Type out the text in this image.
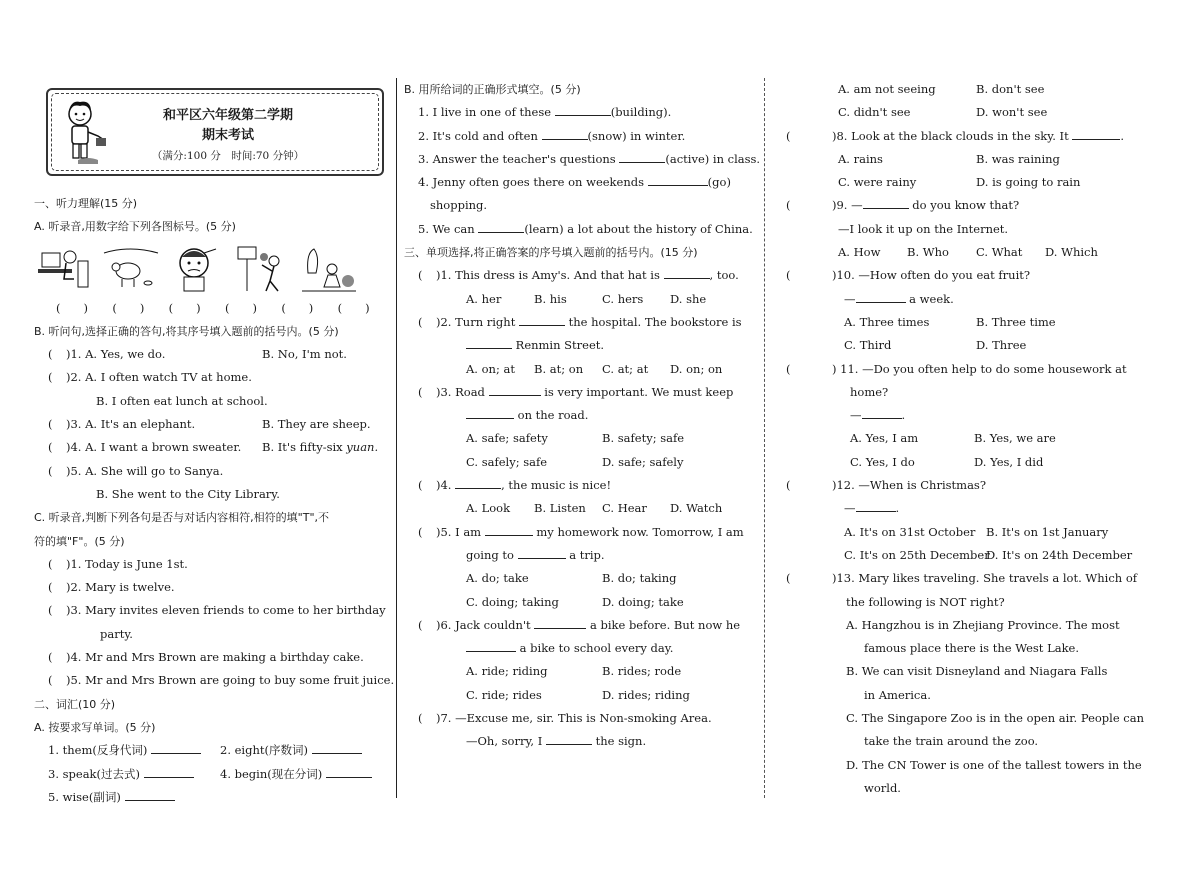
和平区六年级第二学期
期末考试
（满分:100 分　时间:70 分钟）
一、听力理解(15 分)
A. 听录音,用数字给下列各图标号。(5 分)
(　　)	(　　)	(　　)	(　　)	(　　)	(　　)
B. 听问句,选择正确的答句,将其序号填入题前的括号内。(5 分)
(	)1. A. Yes, we do.	B. No, I'm not.
( )2. A. I often watch TV at home.
B. I often eat lunch at school.
(	)3. A. It's an elephant.	B. They are sheep.
(	)4. A. I want a brown sweater.	B. It's fifty-six yuan.
( )5. A. She will go to Sanya.
B. She went to the City Library.
C. 听录音,判断下列各句是否与对话内容相符,相符的填"T",不
符的填"F"。(5 分)
( )1. Today is June 1st.
( )2. Mary is twelve.
( )3. Mary invites eleven friends to come to her birthday
party.
( )4. Mr and Mrs Brown are making a birthday cake.
( )5. Mr and Mrs Brown are going to buy some fruit juice.
二、词汇(10 分)
A. 按要求写单词。(5 分)
1. them(反身代词)	2. eight(序数词)
3. speak(过去式)	4. begin(现在分词)
5. wise(副词)
B. 用所给词的正确形式填空。(5 分)
1. I live in one of these	(building).
2. It's cold and often	(snow) in winter.
3. Answer the teacher's questions	(active) in class.
4. Jenny often goes there on weekends	(go)
shopping.
5. We can	(learn) a lot about the history of China.
三、单项选择,将正确答案的序号填入题前的括号内。(15 分)
( )1. This dress is Amy's. And that hat is	, too.
A. her	B. his	C. hers	D. she
( )2. Turn right	the hospital. The bookstore is
Renmin Street.
A. on; at	B. at; on	C. at; at	D. on; on
( )3. Road	is very important. We must keep
on the road.
A. safe; safety	B. safety; safe
C. safely; safe	D. safe; safely
( )4.	, the music is nice!
A. Look	B. Listen	C. Hear	D. Watch
( )5. I am	my homework now. Tomorrow, I am
going to	a trip.
A. do; take	B. do; taking
C. doing; taking	D. doing; take
( )6. Jack couldn't	a bike before. But now he
a bike to school every day.
A. ride; riding	B. rides; rode
C. ride; rides	D. rides; riding
( )7. —Excuse me, sir. This is Non-smoking Area.
—Oh, sorry, I	the sign.
A. am not seeing	B. don't see
C. didn't see	D. won't see
(	)8. Look at the black clouds in the sky. It	.
A. rains	B. was raining
C. were rainy	D. is going to rain
(	)9. —	do you know that?
—I look it up on the Internet.
A. How	B. Who	C. What	D. Which
(	)10. —How often do you eat fruit?
—	a week.
A. Three times	B. Three time
C. Third	D. Three
(	) 11. —Do you often help to do some housework at
home?
—	.
A. Yes, I am	B. Yes, we are
C. Yes, I do	D. Yes, I did
(	)12. —When is Christmas?
—	.
A. It's on 31st October B. It's on 1st January
C. It's on 25th December
D. It's on 24th December
(	)13. Mary likes traveling. She travels a lot. Which of
the following is NOT right?
A. Hangzhou is in Zhejiang Province. The most
famous place there is the West Lake.
B. We can visit Disneyland and Niagara Falls
in America.
C. The Singapore Zoo is in the open air. People can
take the train around the zoo.
D. The CN Tower is one of the tallest towers in the
world.
